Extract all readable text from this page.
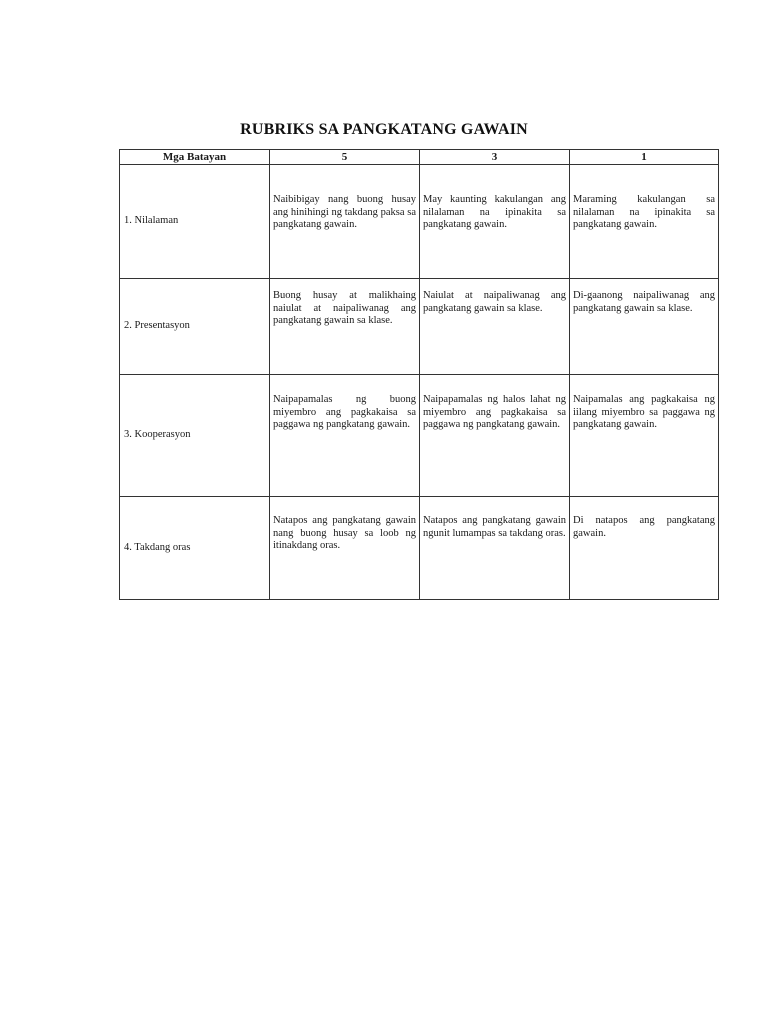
RUBRIKS SA PANGKATANG GAWAIN
Mga Batayan	5	3	1
1. Nilalaman	Naibibigay nang buong husay ang hinihingi ng takdang paksa sa pangkatang gawain.	May kaunting kakulangan ang nilalaman na ipinakita sa pangkatang gawain.	Maraming kakulangan sa nilalaman na ipinakita sa pangkatang gawain.
2. Presentasyon	Buong husay at malikhaing naiulat at naipaliwanag ang pangkatang gawain sa klase.	Naiulat at naipaliwanag ang pangkatang gawain sa klase.	Di-gaanong naipaliwanag ang pangkatang gawain sa klase.
3. Kooperasyon	Naipapamalas ng buong miyembro ang pagkakaisa sa paggawa ng pangkatang gawain.	Naipapamalas ng halos lahat ng miyembro ang pagkakaisa sa paggawa ng pangkatang gawain.	Naipamalas ang pagkakaisa ng iilang miyembro sa paggawa ng pangkatang gawain.
4. Takdang oras	Natapos ang pangkatang gawain nang buong husay sa loob ng itinakdang oras.	Natapos ang pangkatang gawain ngunit lumampas sa takdang oras.	Di natapos ang pangkatang gawain.
